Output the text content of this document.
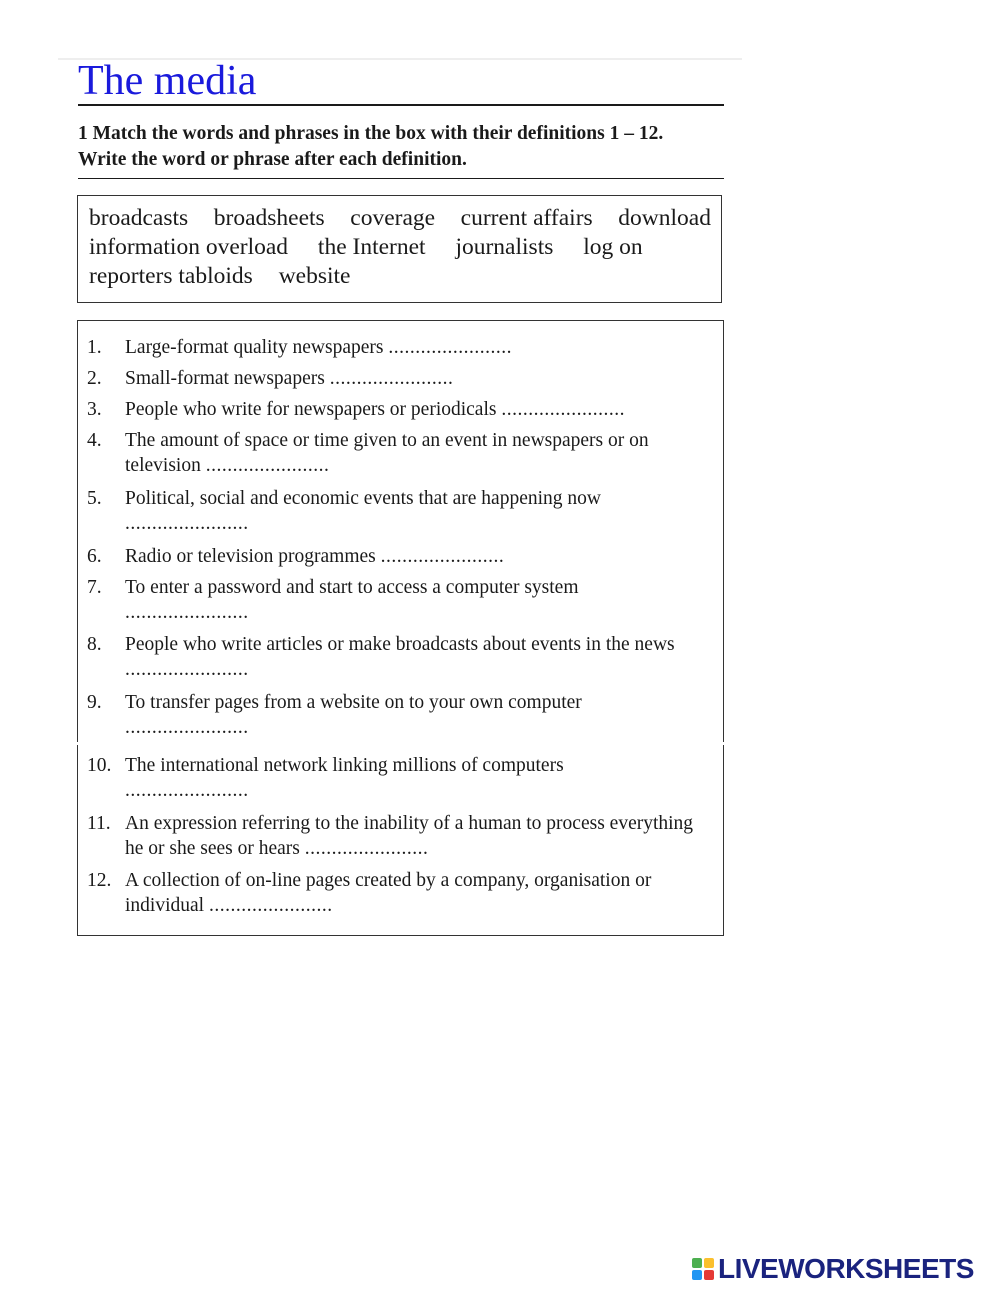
The media
1 Match the words and phrases in the box with their definitions 1 – 12.
Write the word or phrase after each definition.
broadcasts broadsheets coverage current affairs download
information overload the Internet journalists log on
reporters tabloids website
1. Large-format quality newspapers .......................
2. Small-format newspapers .......................
3. People who write for newspapers or periodicals .......................
4. The amount of space or time given to an event in newspapers or on television .......................
5. Political, social and economic events that are happening now
.......................
6. Radio or television programmes .......................
7. To enter a password and start to access a computer system
.......................
8. People who write articles or make broadcasts about events in the news .......................
9. To transfer pages from a website on to your own computer
.......................
10. The international network linking millions of computers
.......................
11. An expression referring to the inability of a human to process everything he or she sees or hears .......................
12. A collection of on-line pages created by a company, organisation or individual .......................
LIVEWORKSHEETS
